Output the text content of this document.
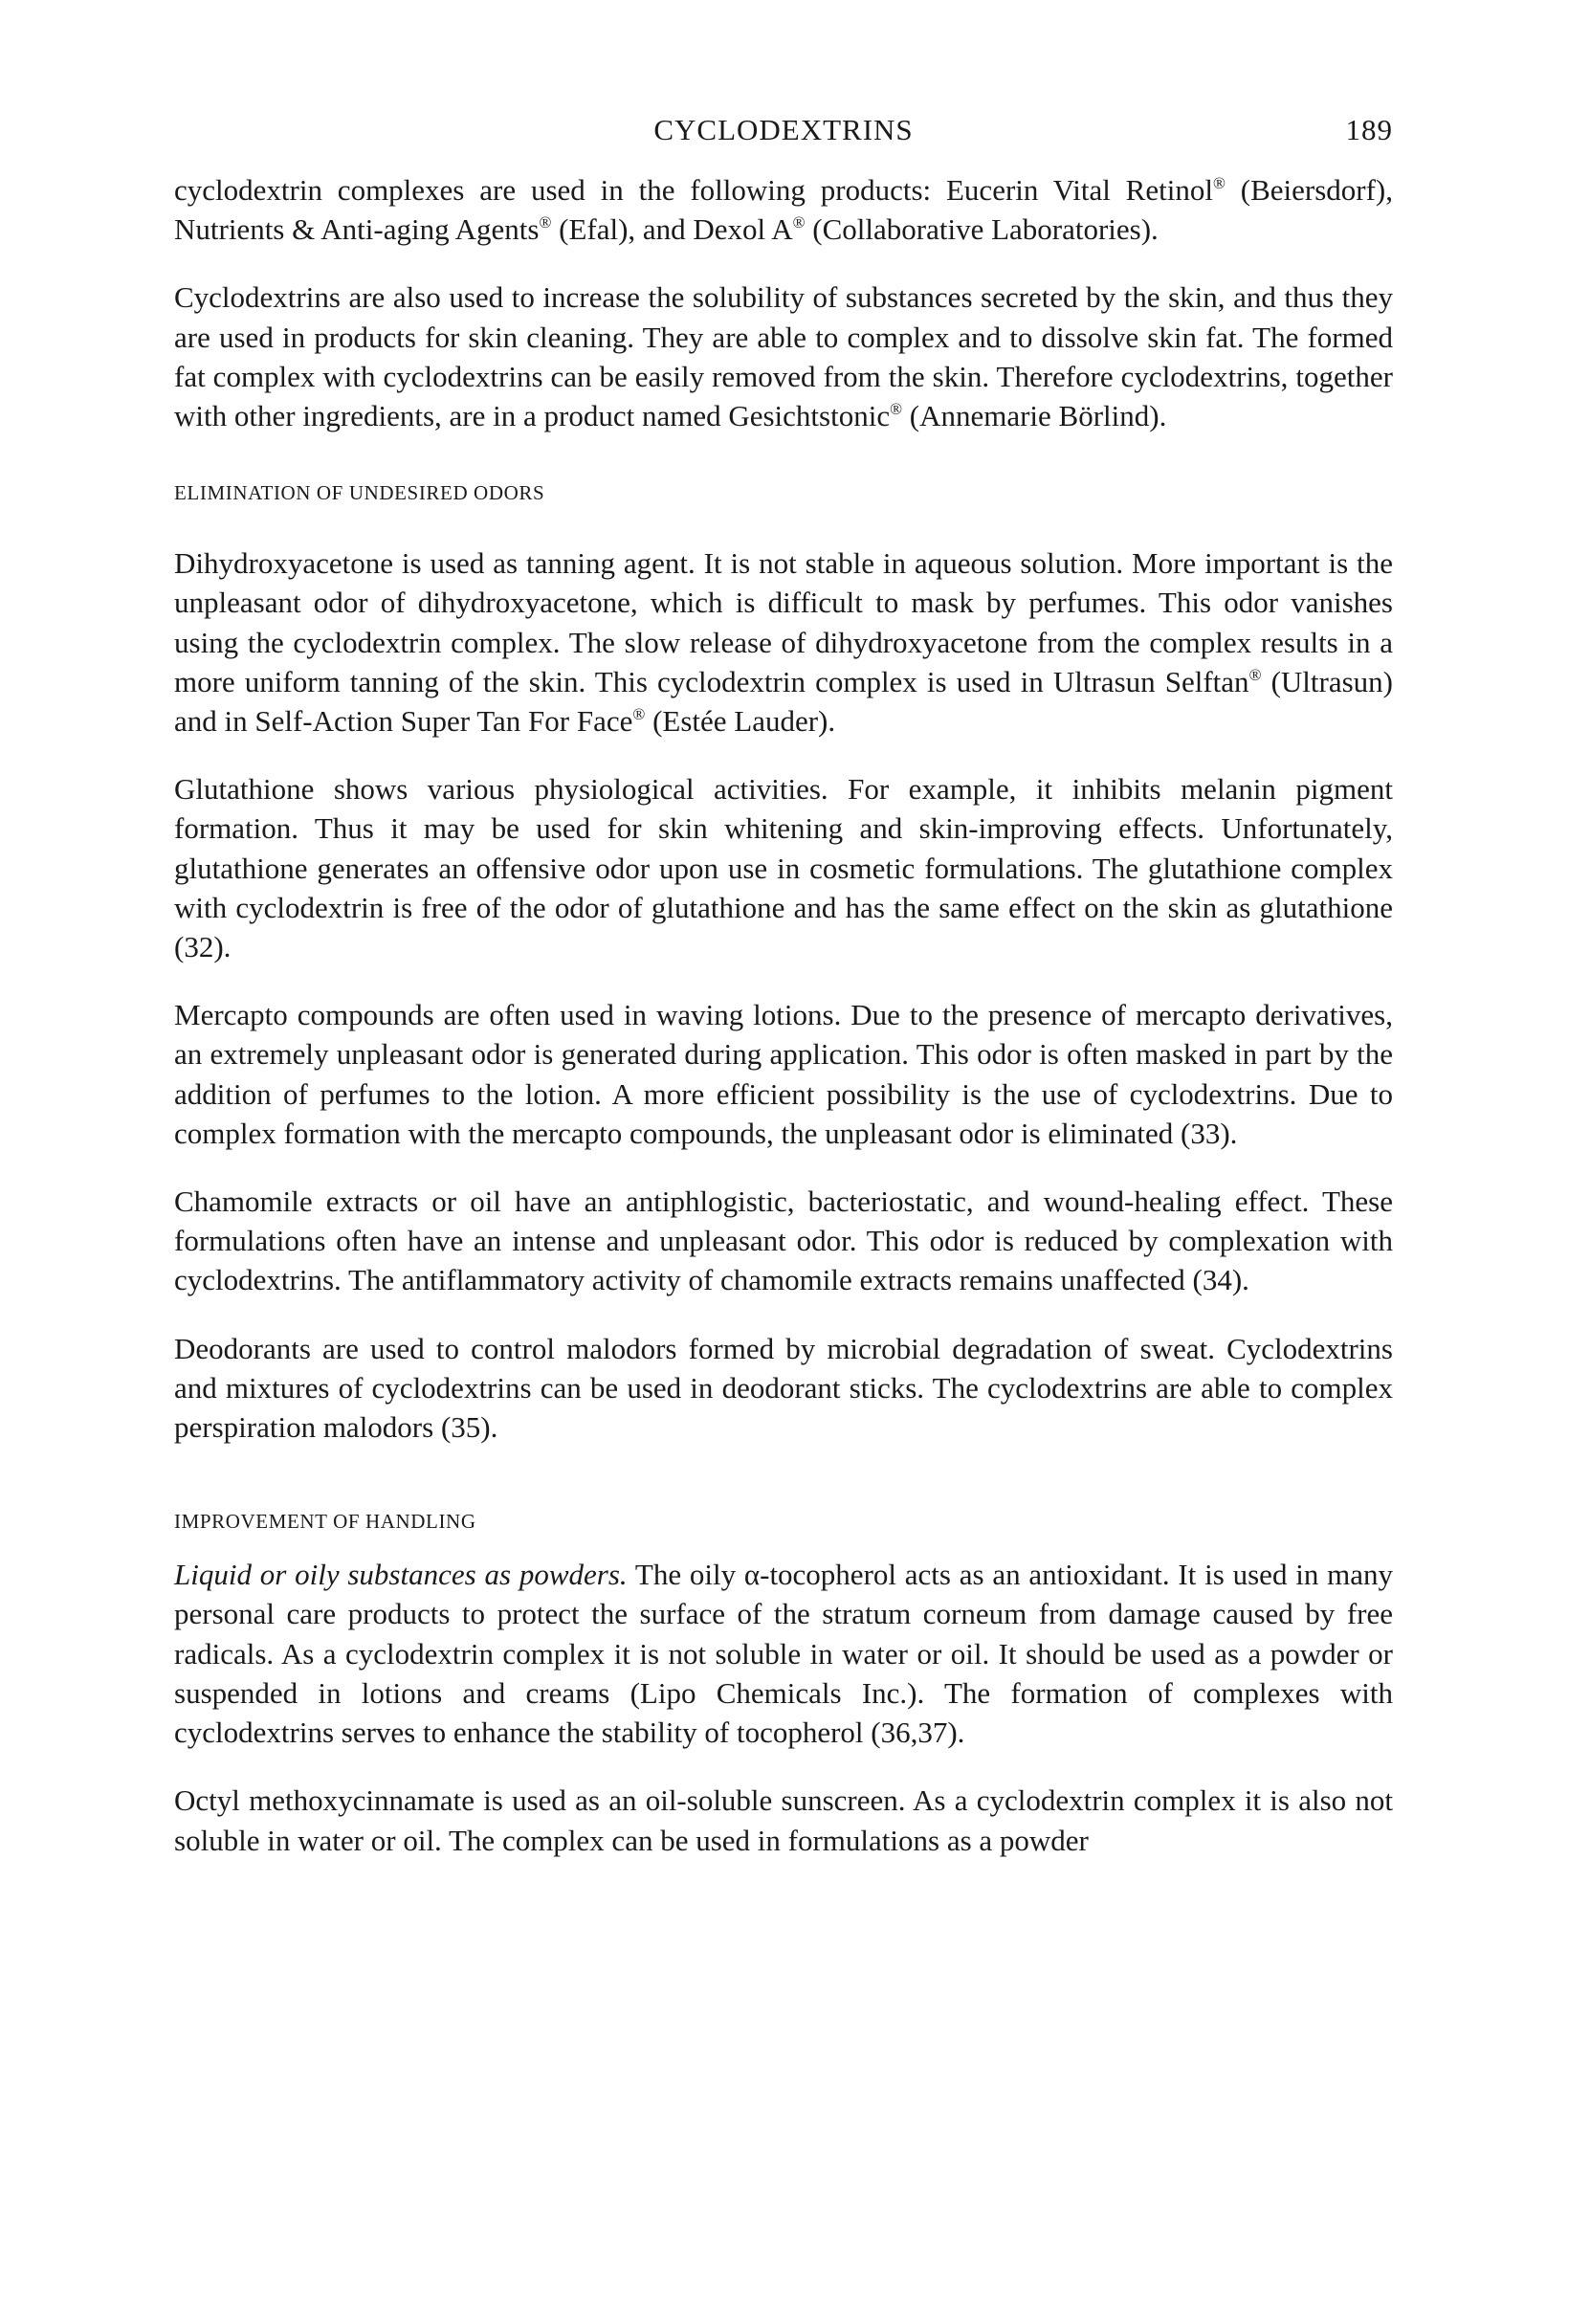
CYCLODEXTRINS	189

cyclodextrin complexes are used in the following products: Eucerin Vital Retinol® (Beiersdorf), Nutrients & Anti-aging Agents® (Efal), and Dexol A® (Collaborative Laboratories).

Cyclodextrins are also used to increase the solubility of substances secreted by the skin, and thus they are used in products for skin cleaning. They are able to complex and to dissolve skin fat. The formed fat complex with cyclodextrins can be easily removed from the skin. Therefore cyclodextrins, together with other ingredients, are in a product named Gesichtstonic® (Annemarie Börlind).

ELIMINATION OF UNDESIRED ODORS

Dihydroxyacetone is used as tanning agent. It is not stable in aqueous solution. More important is the unpleasant odor of dihydroxyacetone, which is difficult to mask by perfumes. This odor vanishes using the cyclodextrin complex. The slow release of dihydroxyacetone from the complex results in a more uniform tanning of the skin. This cyclodextrin complex is used in Ultrasun Selftan® (Ultrasun) and in Self-Action Super Tan For Face® (Estée Lauder).

Glutathione shows various physiological activities. For example, it inhibits melanin pigment formation. Thus it may be used for skin whitening and skin-improving effects. Unfortunately, glutathione generates an offensive odor upon use in cosmetic formulations. The glutathione complex with cyclodextrin is free of the odor of glutathione and has the same effect on the skin as glutathione (32).

Mercapto compounds are often used in waving lotions. Due to the presence of mercapto derivatives, an extremely unpleasant odor is generated during application. This odor is often masked in part by the addition of perfumes to the lotion. A more efficient possibility is the use of cyclodextrins. Due to complex formation with the mercapto compounds, the unpleasant odor is eliminated (33).

Chamomile extracts or oil have an antiphlogistic, bacteriostatic, and wound-healing effect. These formulations often have an intense and unpleasant odor. This odor is reduced by complexation with cyclodextrins. The antiflammatory activity of chamomile extracts remains unaffected (34).

Deodorants are used to control malodors formed by microbial degradation of sweat. Cyclodextrins and mixtures of cyclodextrins can be used in deodorant sticks. The cyclodextrins are able to complex perspiration malodors (35).

IMPROVEMENT OF HANDLING

Liquid or oily substances as powders. The oily α-tocopherol acts as an antioxidant. It is used in many personal care products to protect the surface of the stratum corneum from damage caused by free radicals. As a cyclodextrin complex it is not soluble in water or oil. It should be used as a powder or suspended in lotions and creams (Lipo Chemicals Inc.). The formation of complexes with cyclodextrins serves to enhance the stability of tocopherol (36,37).

Octyl methoxycinnamate is used as an oil-soluble sunscreen. As a cyclodextrin complex it is also not soluble in water or oil. The complex can be used in formulations as a powder
